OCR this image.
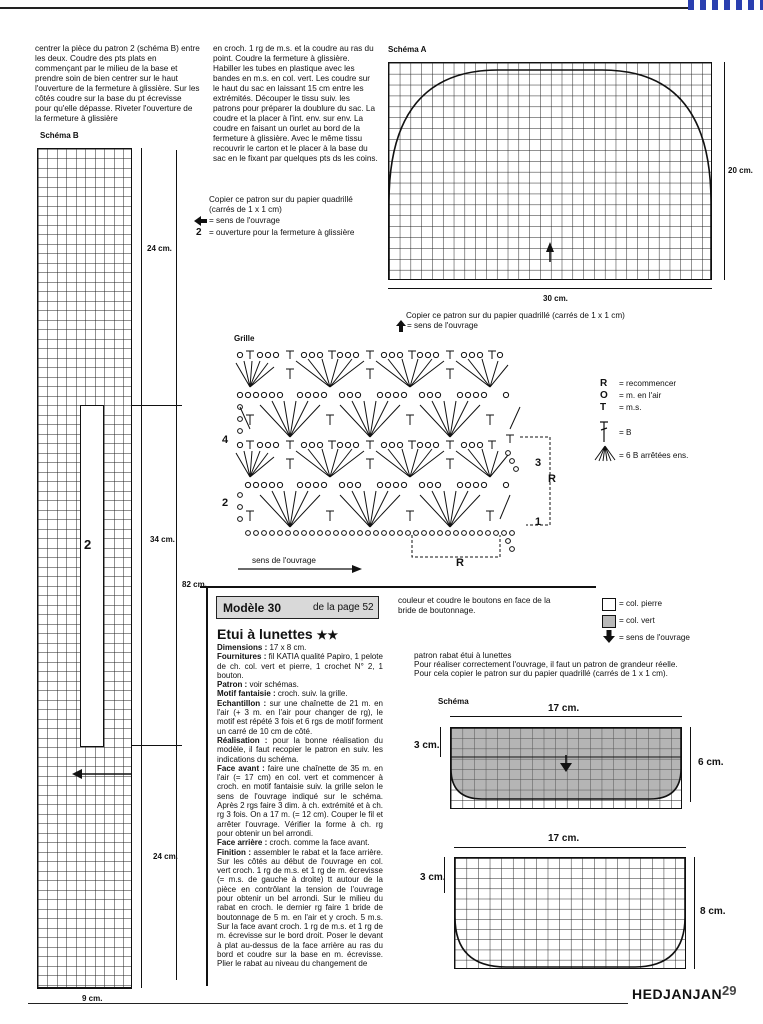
centrer la pièce du patron 2 (schéma B) entre les deux. Coudre des pts plats en commençant par le milieu de la base et prendre soin de bien centrer sur le haut l'ouverture de la fermeture à glissière. Sur les côtés coudre sur la base du pt écrevisse pour qu'elle dépasse. Riveter l'ouverture de la fermeture à glissière
en croch. 1 rg de m.s. et la coudre au ras du point. Coudre la fermeture à glissière. Habiller les tubes en plastique avec les bandes en m.s. en col. vert. Les coudre sur le haut du sac en laissant 15 cm entre les extrémités. Découper le tissu suiv. les patrons pour préparer la doublure du sac. La coudre et la placer à l'int. env. sur env. La coudre en faisant un ourlet au bord de la fermeture à glissière. Avec le même tissu recouvrir le carton et le placer à la base du sac en le fixant par quelques pts ds les coins.
Schéma B
2
24 cm.
34 cm.
24 cm.
82 cm.
9 cm.
Copier ce patron sur du papier quadrillé (carrés de 1 x 1 cm)
= sens de l'ouvrage
2 = ouverture pour la fermeture à glissière
Schéma A
20 cm.
30 cm.
Copier ce patron sur du papier quadrillé (carrés de 1 x 1 cm)
= sens de l'ouvrage
Grille
4
3
2
1
R
R
sens de l'ouvrage
R = recommencer
O = m. en l'air
T = m.s.
= B
= 6 B arrêtées ens.
Modèle 30	de la page 52
Etui à lunettes ★★

Dimensions : 17 x 8 cm.

Fournitures : fil KATIA qualité Papiro, 1 pelote de ch. col. vert et pierre, 1 crochet N° 2, 1 bouton.

Patron : voir schémas.

Motif fantaisie : croch. suiv. la grille.

Echantillon : sur une chaînette de 21 m. en l'air (+ 3 m. en l'air pour changer de rg), le motif est répété 3 fois et 6 rgs de motif forment un carré de 10 cm de côté.

Réalisation : pour la bonne réalisation du modèle, il faut recopier le patron en suiv. les indications du schéma.

Face avant : faire une chaînette de 35 m. en l'air (= 17 cm) en col. vert et commencer à croch. en motif fantaisie suiv. la grille selon le sens de l'ouvrage indiqué sur le schéma. Après 2 rgs faire 3 dim. à ch. extrémité et à ch. rg 3 fois. On a 17 m. (= 12 cm). Couper le fil et arrêter l'ouvrage. Vérifier la forme à ch. rg pour obtenir un bel arrondi.

Face arrière : croch. comme la face avant.

Finition : assembler le rabat et la face arrière. Sur les côtés au début de l'ouvrage en col. vert croch. 1 rg de m.s. et 1 rg de m. écrevisse (= m.s. de gauche à droite) tt autour de la pièce en contrôlant la tension de l'ouvrage pour obtenir un bel arrondi. Sur le milieu du rabat en croch. le dernier rg faire 1 bride de boutonnage de 5 m. en l'air et y croch. 5 m.s. Sur la face avant croch. 1 rg de m.s. et 1 rg de m. écrevisse sur le bord droit. Poser le devant à plat au-dessus de la face arrière au ras du bord et coudre sur la base en m. écrevisse. Plier le rabat au niveau du changement de

couleur et coudre le boutons en face de la bride de boutonnage.
= col. pierre
= col. vert
= sens de l'ouvrage
patron rabat étui à lunettes
Pour réaliser correctement l'ouvrage, il faut un patron de grandeur réelle.
Pour cela copier le patron sur du papier quadrillé (carrés de 1 x 1 cm).
Schéma
17 cm.
3 cm.
6 cm.
17 cm.
3 cm.
8 cm.
29
HEDJANJAN
